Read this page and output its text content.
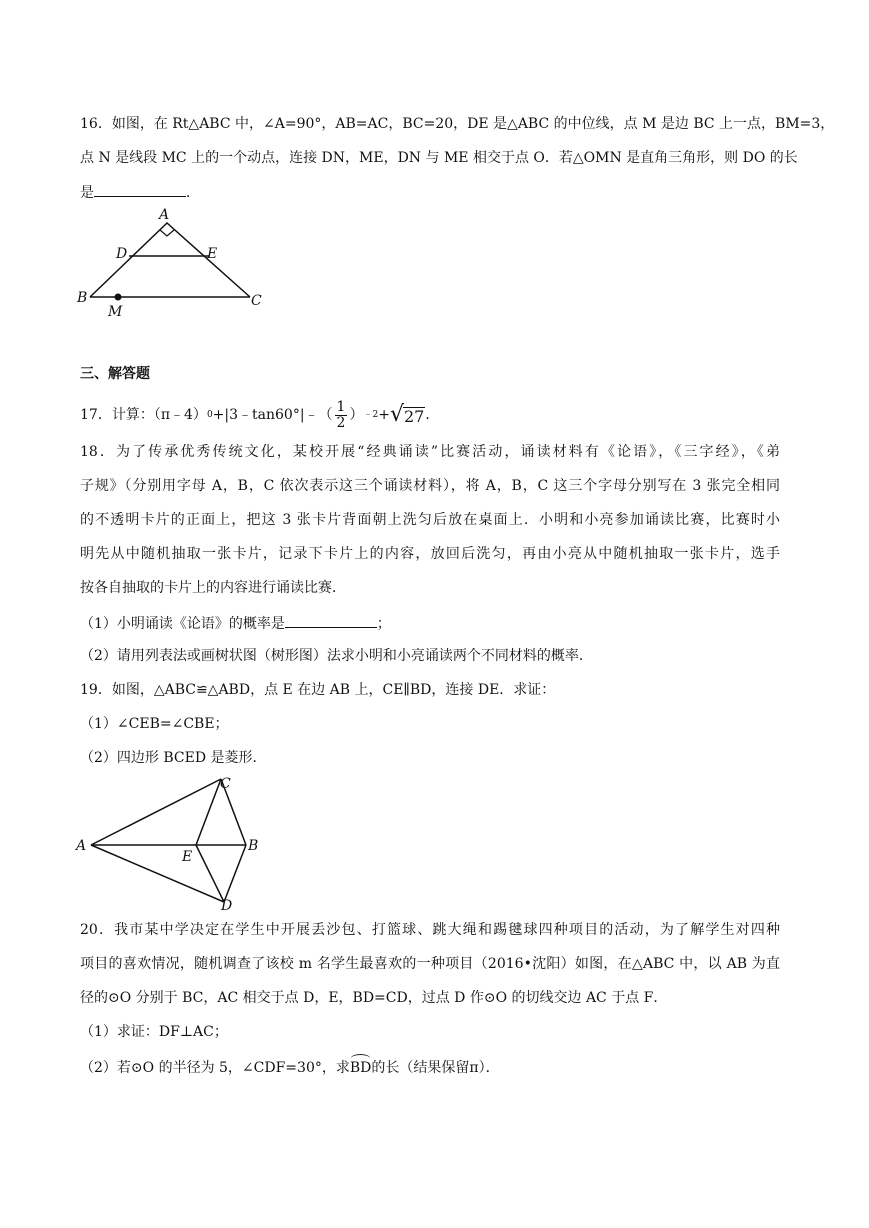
16．如图，在 Rt△ABC 中，∠A=90°，AB=AC，BC=20，DE 是△ABC 的中位线，点 M 是边 BC 上一点，BM=3，
点 N 是线段 MC 上的一个动点，连接 DN，ME，DN 与 ME 相交于点 O．若△OMN 是直角三角形，则 DO 的长
是	．
A
D	E
B	C
M
三、解答题
17．计算：（π﹣4） 0 +|3﹣tan60°|﹣（ $\frac{1}{2}$ ） ﹣2 + √ 27 ．
18．为了传承优秀传统文化，某校开展“经典诵读”比赛活动，诵读材料有《论语》，《三字经》，《弟
子规》（分别用字母 A，B，C 依次表示这三个诵读材料），将 A，B，C 这三个字母分别写在 3 张完全相同
的不透明卡片的正面上，把这 3 张卡片背面朝上洗匀后放在桌面上．小明和小亮参加诵读比赛，比赛时小
明先从中随机抽取一张卡片，记录下卡片上的内容，放回后洗匀，再由小亮从中随机抽取一张卡片，选手
按各自抽取的卡片上的内容进行诵读比赛．
（1）小明诵读《论语》的概率是	；
（2）请用列表法或画树状图（树形图）法求小明和小亮诵读两个不同材料的概率．
19．如图，△ABC≌△ABD，点 E 在边 AB 上，CE∥BD，连接 DE．求证：
（1）∠CEB=∠CBE；
（2）四边形 BCED 是菱形．
C
A
E
B
D
20．我市某中学决定在学生中开展丢沙包、打篮球、跳大绳和踢毽球四种项目的活动，为了解学生对四种
项目的喜欢情况，随机调查了该校 m 名学生最喜欢的一种项目（2016•沈阳）如图，在△ABC 中，以 AB 为直
径的⊙O 分别于 BC，AC 相交于点 D，E，BD=CD，过点 D 作⊙O 的切线交边 AC 于点 F．
（1）求证：DF⊥AC；
（2）若⊙O 的半径为 5，∠CDF=30°，求BD的长（结果保留π）．
